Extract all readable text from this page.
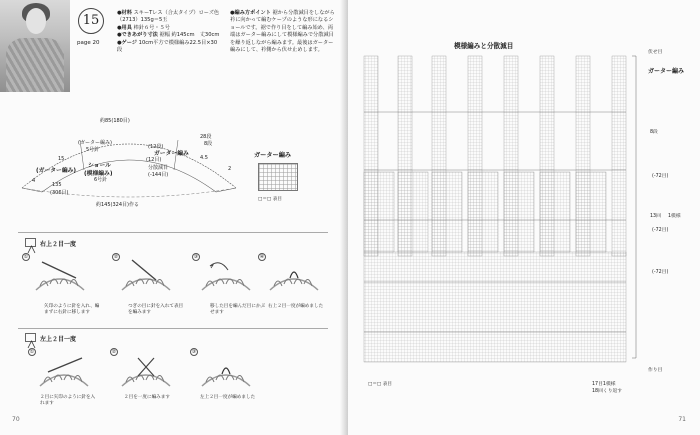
15
page 20
●材料 スキーTレス（合太タイプ）ローズ色（2713）135g＝5玉
●用具 棒針６号・５号
●できあがり寸法 裾幅 約145cm　丈30cm
●ゲージ 10cm平方で模様編み22.5目×30段
●編み方ポイント 裾から分散減目をしながら衿に向かって編むケープのような形になるショールです。裾で作り目をして編み始め、両端はガーター編みにして模様編みで分散減目を繰り返しながら編みます。最後はガーター編みにして、衿側から伏せ止めします。
約85(180目)
28段
8段
4.5
(12段)
15
5号針
(ガーター編み)
(ガーター編み)
ショール
(模様編み)
6号針
ガーター編み
(12目)
分散減目
(-144目)
135
(306目)
約145(324目)作る
4
2
ガーター編み
□＝□ 表目
右上２目一度
①
矢印のように針を入れ、編まずに右針に移します
②
つぎの目に針を入れて表目を編みます
③
移した目を編んだ目にかぶせます
④
右上２目一度が編めました
左上２目一度
①
２目に矢印のように針を入れます
②
２目を一度に編みます
③
左上２目一度が編めました
70	71
模様編みと分散減目
伏せ目
ガーター編み
8段
(-72目)
13回 1模様
(-72目)
(-72目)
作り目
□＝□ 表目	17目1模様
18回くり返す
